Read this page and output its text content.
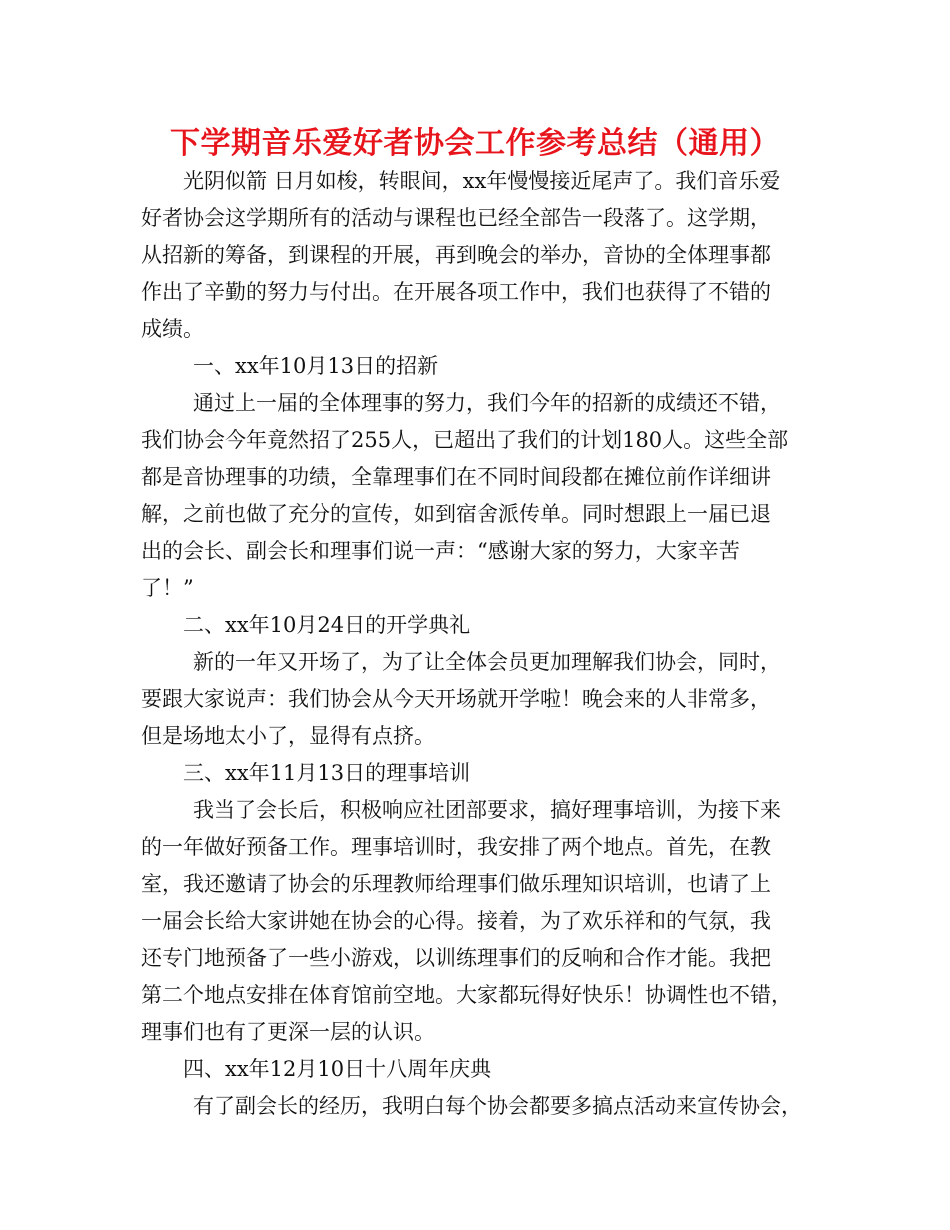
下学期音乐爱好者协会工作参考总结（通用）
光阴似箭 日月如梭，转眼间，xx年慢慢接近尾声了。我们音乐爱
好者协会这学期所有的活动与课程也已经全部告一段落了。这学期，
从招新的筹备，到课程的开展，再到晚会的举办，音协的全体理事都
作出了辛勤的努力与付出。在开展各项工作中，我们也获得了不错的
成绩。
一、xx年10月13日的招新
通过上一届的全体理事的努力，我们今年的招新的成绩还不错，
我们协会今年竟然招了255人，已超出了我们的计划180人。这些全部
都是音协理事的功绩，全靠理事们在不同时间段都在摊位前作详细讲
解，之前也做了充分的宣传，如到宿舍派传单。同时想跟上一届已退
出的会长、副会长和理事们说一声：“感谢大家的努力，大家辛苦
了！”
二、xx年10月24日的开学典礼
新的一年又开场了，为了让全体会员更加理解我们协会，同时，
要跟大家说声：我们协会从今天开场就开学啦！晚会来的人非常多，
但是场地太小了，显得有点挤。
三、xx年11月13日的理事培训
我当了会长后，积极响应社团部要求，搞好理事培训，为接下来
的一年做好预备工作。理事培训时，我安排了两个地点。首先，在教
室，我还邀请了协会的乐理教师给理事们做乐理知识培训，也请了上
一届会长给大家讲她在协会的心得。接着，为了欢乐祥和的气氛，我
还专门地预备了一些小游戏，以训练理事们的反响和合作才能。我把
第二个地点安排在体育馆前空地。大家都玩得好快乐！协调性也不错，
理事们也有了更深一层的认识。
四、xx年12月10日十八周年庆典
有了副会长的经历，我明白每个协会都要多搞点活动来宣传协会，
